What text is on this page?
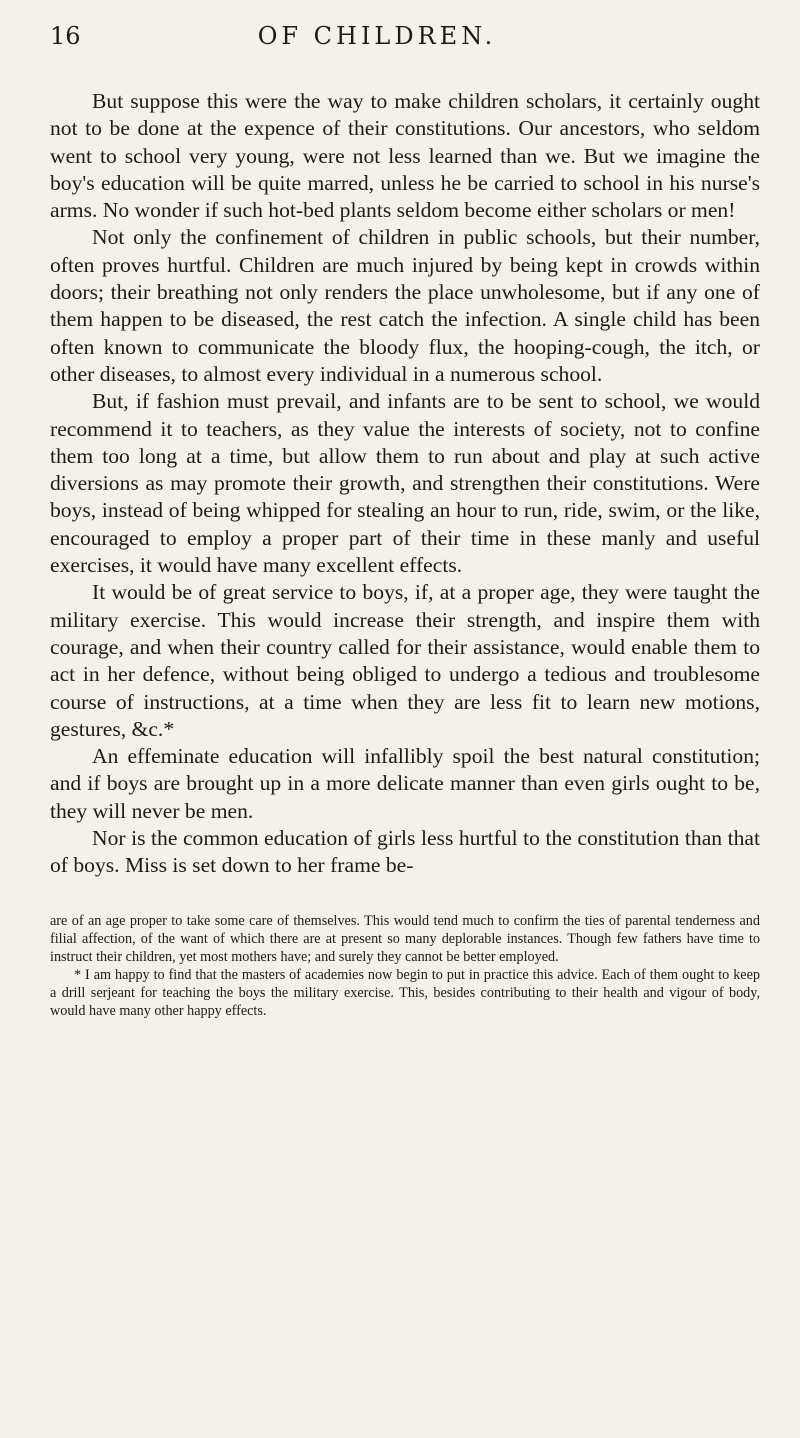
16	OF CHILDREN.

But suppose this were the way to make children scholars, it certainly ought not to be done at the expence of their constitutions. Our ancestors, who seldom went to school very young, were not less learned than we. But we imagine the boy's education will be quite marred, unless he be carried to school in his nurse's arms. No wonder if such hot-bed plants seldom become either scholars or men!

Not only the confinement of children in public schools, but their number, often proves hurtful. Children are much injured by being kept in crowds within doors; their breathing not only renders the place unwholesome, but if any one of them happen to be diseased, the rest catch the infection. A single child has been often known to communicate the bloody flux, the hooping-cough, the itch, or other diseases, to almost every individual in a numerous school.

But, if fashion must prevail, and infants are to be sent to school, we would recommend it to teachers, as they value the interests of society, not to confine them too long at a time, but allow them to run about and play at such active diversions as may promote their growth, and strengthen their constitutions. Were boys, instead of being whipped for stealing an hour to run, ride, swim, or the like, encouraged to employ a proper part of their time in these manly and useful exercises, it would have many excellent effects.

It would be of great service to boys, if, at a proper age, they were taught the military exercise. This would increase their strength, and inspire them with courage, and when their country called for their assistance, would enable them to act in her defence, without being obliged to undergo a tedious and troublesome course of instructions, at a time when they are less fit to learn new motions, gestures, &c.*

An effeminate education will infallibly spoil the best natural constitution; and if boys are brought up in a more delicate manner than even girls ought to be, they will never be men.

Nor is the common education of girls less hurtful to the constitution than that of boys. Miss is set down to her frame be-

are of an age proper to take some care of themselves. This would tend much to confirm the ties of parental tenderness and filial affection, of the want of which there are at present so many deplorable instances. Though few fathers have time to instruct their children, yet most mothers have; and surely they cannot be better employed.

* I am happy to find that the masters of academies now begin to put in practice this advice. Each of them ought to keep a drill serjeant for teaching the boys the military exercise. This, besides contributing to their health and vigour of body, would have many other happy effects.
